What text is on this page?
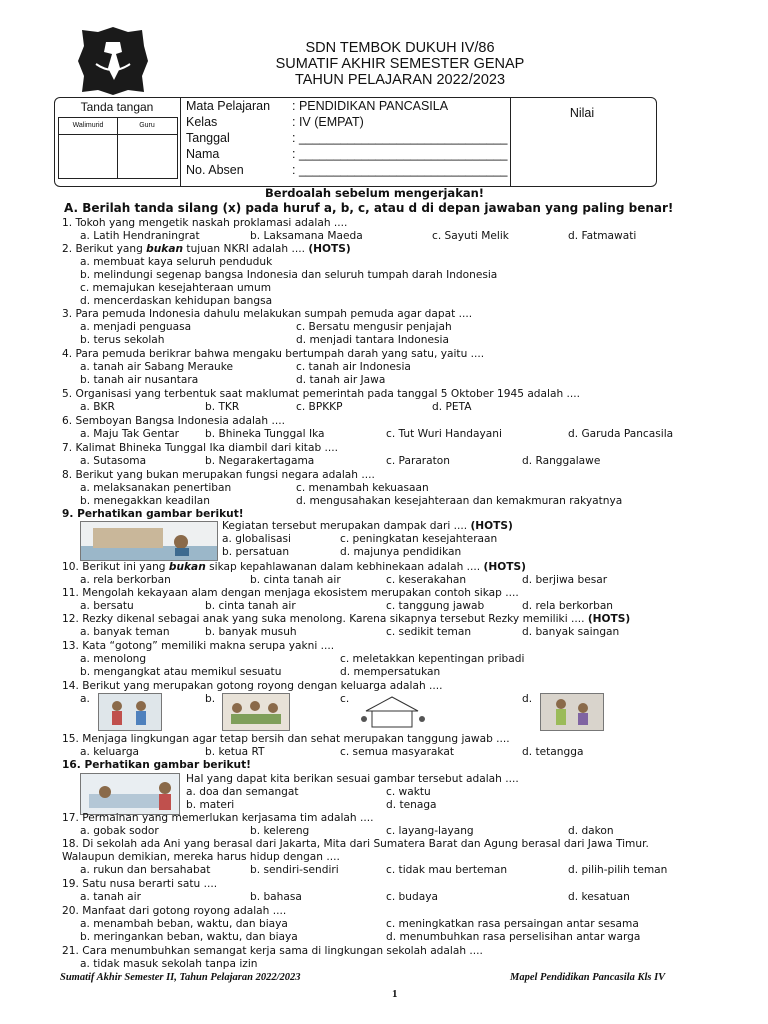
SDN TEMBOK DUKUH IV/86
SUMATIF AKHIR SEMESTER GENAP
TAHUN PELAJARAN 2022/2023
Tanda tangan
Walimurid	Guru
Mata Pelajaran : PENDIDIKAN PANCASILA
Kelas	: IV (EMPAT)
Tanggal	: ______________________________
Nama	: ______________________________
No. Absen	: ______________________________
Nilai
Berdoalah sebelum mengerjakan!
A. Berilah tanda silang (x) pada huruf a, b, c, atau d di depan jawaban yang paling benar!
1. Tokoh yang mengetik naskah proklamasi adalah ....
a. Latih Hendraningrat	b. Laksamana Maeda	c. Sayuti Melik	d. Fatmawati
2. Berikut yang bukan tujuan NKRI adalah .... (HOTS)
a. membuat kaya seluruh penduduk
b. melindungi segenap bangsa Indonesia dan seluruh tumpah darah Indonesia
c. memajukan kesejahteraan umum
d. mencerdaskan kehidupan bangsa
3. Para pemuda Indonesia dahulu melakukan sumpah pemuda agar dapat ....
a. menjadi penguasa	c. Bersatu mengusir penjajah
b. terus sekolah	d. menjadi tantara Indonesia
4. Para pemuda berikrar bahwa mengaku bertumpah darah yang satu, yaitu ....
a. tanah air Sabang Merauke	c. tanah air Indonesia
b. tanah air nusantara	d. tanah air Jawa
5. Organisasi yang terbentuk saat maklumat pemerintah pada tanggal 5 Oktober 1945 adalah ....
a. BKR	b. TKR	c. BPKKP	d. PETA
6. Semboyan Bangsa Indonesia adalah ....
a. Maju Tak Gentar b. Bhineka Tunggal Ika	c. Tut Wuri Handayani	d. Garuda Pancasila
7. Kalimat Bhineka Tunggal Ika diambil dari kitab ....
a. Sutasoma	b. Negarakertagama	c. Pararaton	d. Ranggalawe
8. Berikut yang bukan merupakan fungsi negara adalah ....
a. melaksanakan penertiban	c. menambah kekuasaan
b. menegakkan keadilan	d. mengusahakan kesejahteraan dan kemakmuran rakyatnya
9. Perhatikan gambar berikut!
Kegiatan tersebut merupakan dampak dari .... (HOTS)
a. globalisasi	c. peningkatan kesejahteraan
b. persatuan	d. majunya pendidikan
10. Berikut ini yang bukan sikap kepahlawanan dalam kebhinekaan adalah .... (HOTS)
a. rela berkorban	b. cinta tanah air	c. keserakahan	d. berjiwa besar
11. Mengolah kekayaan alam dengan menjaga ekosistem merupakan contoh sikap ....
a. bersatu	b. cinta tanah air	c. tanggung jawab	d. rela berkorban
12. Rezky dikenal sebagai anak yang suka menolong. Karena sikapnya tersebut Rezky memiliki .... (HOTS)
a. banyak teman	b. banyak musuh	c. sedikit teman	d. banyak saingan
13. Kata “gotong” memiliki makna serupa yakni ....
a. menolong	c. meletakkan kepentingan pribadi
b. mengangkat atau memikul sesuatu	d. mempersatukan
14. Berikut yang merupakan gotong royong dengan keluarga adalah ....
a.	b.	c.	d.
15. Menjaga lingkungan agar tetap bersih dan sehat merupakan tanggung jawab ....
a. keluarga	b. ketua RT	c. semua masyarakat	d. tetangga
16. Perhatikan gambar berikut!
Hal yang dapat kita berikan sesuai gambar tersebut adalah ....
a. doa dan semangat	c. waktu
b. materi	d. tenaga
17. Permainan yang memerlukan kerjasama tim adalah ....
a. gobak sodor	b. kelereng	c. layang-layang	d. dakon
18. Di sekolah ada Ani yang berasal dari Jakarta, Mita dari Sumatera Barat dan Agung berasal dari Jawa Timur.
Walaupun demikian, mereka harus hidup dengan ....
a. rukun dan bersahabat	b. sendiri-sendiri	c. tidak mau berteman	d. pilih-pilih teman
19. Satu nusa berarti satu ....
a. tanah air	b. bahasa	c. budaya	d. kesatuan
20. Manfaat dari gotong royong adalah ....
a. menambah beban, waktu, dan biaya	c. meningkatkan rasa persaingan antar sesama
b. meringankan beban, waktu, dan biaya	d. menumbuhkan rasa perselisihan antar warga
21. Cara menumbuhkan semangat kerja sama di lingkungan sekolah adalah ....
a. tidak masuk sekolah tanpa izin
Sumatif Akhir Semester II, Tahun Pelajaran 2022/2023	Mapel Pendidikan Pancasila Kls IV
1
